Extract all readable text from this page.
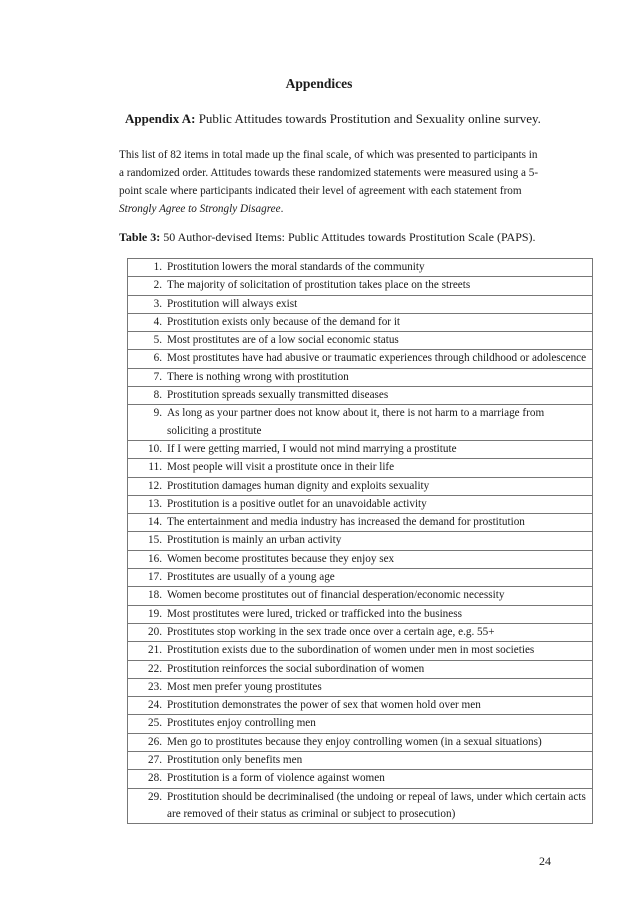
Appendices
Appendix A: Public Attitudes towards Prostitution and Sexuality online survey.
This list of 82 items in total made up the final scale, of which was presented to participants in a randomized order. Attitudes towards these randomized statements were measured using a 5-point scale where participants indicated their level of agreement with each statement from Strongly Agree to Strongly Disagree.
Table 3: 50 Author-devised Items: Public Attitudes towards Prostitution Scale (PAPS).
1. Prostitution lowers the moral standards of the community

2. The majority of solicitation of prostitution takes place on the streets

3. Prostitution will always exist

4. Prostitution exists only because of the demand for it

5. Most prostitutes are of a low social economic status

6. Most prostitutes have had abusive or traumatic experiences through childhood or adolescence

7. There is nothing wrong with prostitution

8. Prostitution spreads sexually transmitted diseases

9. As long as your partner does not know about it, there is not harm to a marriage from soliciting a prostitute

10. If I were getting married, I would not mind marrying a prostitute

11. Most people will visit a prostitute once in their life

12. Prostitution damages human dignity and exploits sexuality

13. Prostitution is a positive outlet for an unavoidable activity

14. The entertainment and media industry has increased the demand for prostitution

15. Prostitution is mainly an urban activity

16. Women become prostitutes because they enjoy sex

17. Prostitutes are usually of a young age

18. Women become prostitutes out of financial desperation/economic necessity

19. Most prostitutes were lured, tricked or trafficked into the business

20. Prostitutes stop working in the sex trade once over a certain age, e.g. 55+

21. Prostitution exists due to the subordination of women under men in most societies

22. Prostitution reinforces the social subordination of women

23. Most men prefer young prostitutes

24. Prostitution demonstrates the power of sex that women hold over men

25. Prostitutes enjoy controlling men

26. Men go to prostitutes because they enjoy controlling women (in a sexual situations)

27. Prostitution only benefits men

28. Prostitution is a form of violence against women

29. Prostitution should be decriminalised (the undoing or repeal of laws, under which certain acts are removed of their status as criminal or subject to prosecution)
24
